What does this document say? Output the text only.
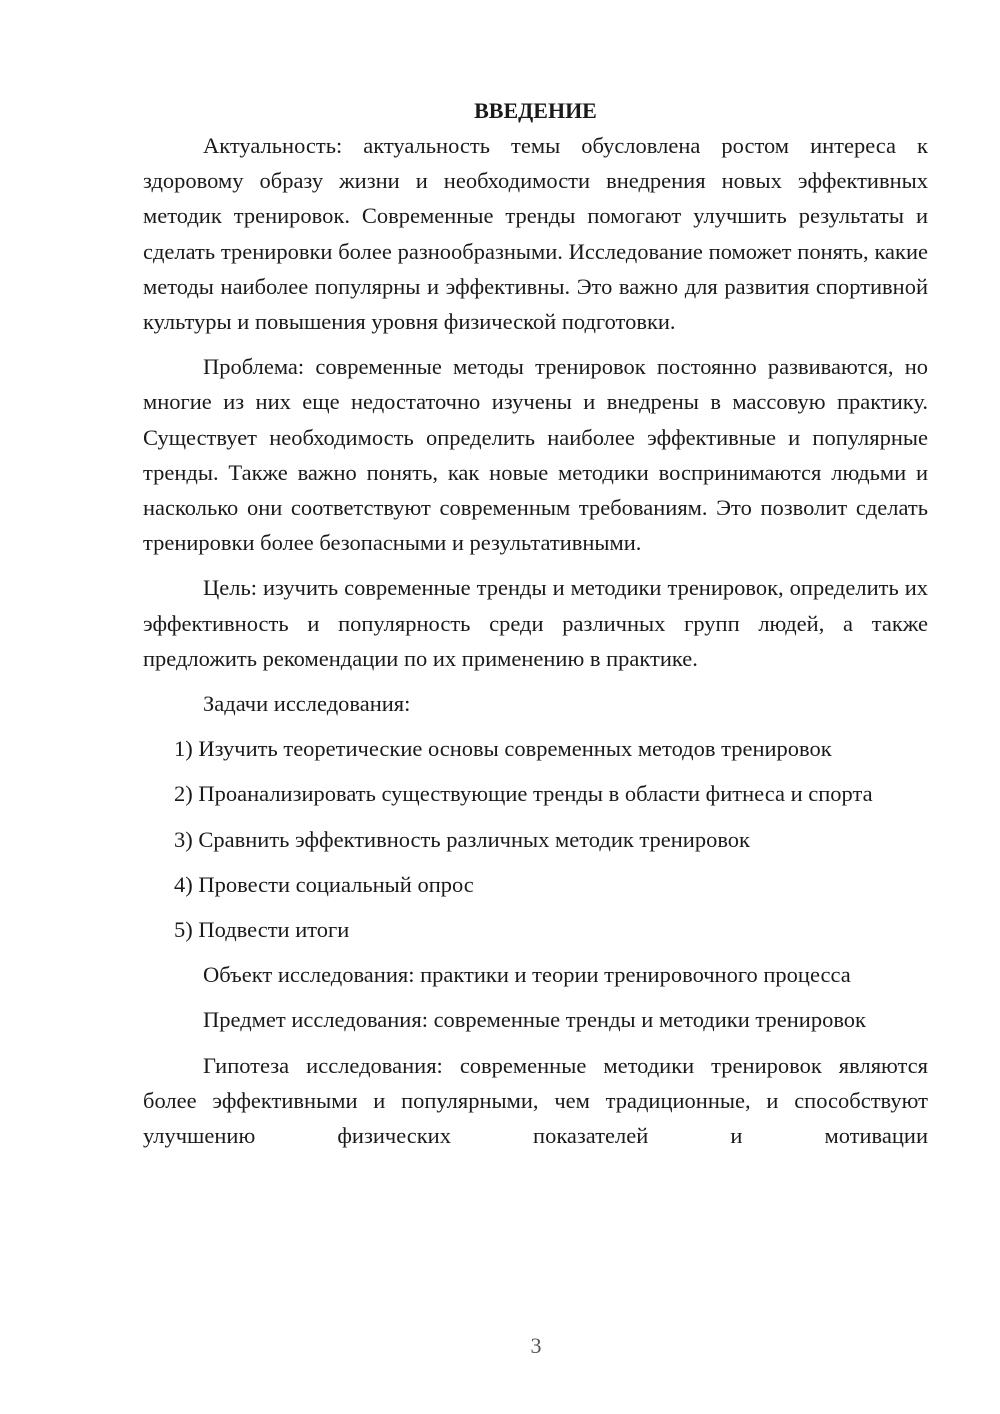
ВВЕДЕНИЕ

Актуальность: актуальность темы обусловлена ростом интереса к здоровому образу жизни и необходимости внедрения новых эффективных методик тренировок. Современные тренды помогают улучшить результаты и сделать тренировки более разнообразными. Исследование поможет понять, какие методы наиболее популярны и эффективны. Это важно для развития спортивной культуры и повышения уровня физической подготовки.

Проблема: современные методы тренировок постоянно развиваются, но многие из них еще недостаточно изучены и внедрены в массовую практику. Существует необходимость определить наиболее эффективные и популярные тренды. Также важно понять, как новые методики воспринимаются людьми и насколько они соответствуют современным требованиям. Это позволит сделать тренировки более безопасными и результативными.

Цель: изучить современные тренды и методики тренировок, определить их эффективность и популярность среди различных групп людей, а также предложить рекомендации по их применению в практике.

Задачи исследования:

1) Изучить теоретические основы современных методов тренировок

2) Проанализировать существующие тренды в области фитнеса и спорта

3) Сравнить эффективность различных методик тренировок

4) Провести социальный опрос

5) Подвести итоги

Объект исследования: практики и теории тренировочного процесса

Предмет исследования: современные тренды и методики тренировок

Гипотеза исследования: современные методики тренировок являются более эффективными и популярными, чем традиционные, и способствуют улучшению физических показателей и мотивации

3
